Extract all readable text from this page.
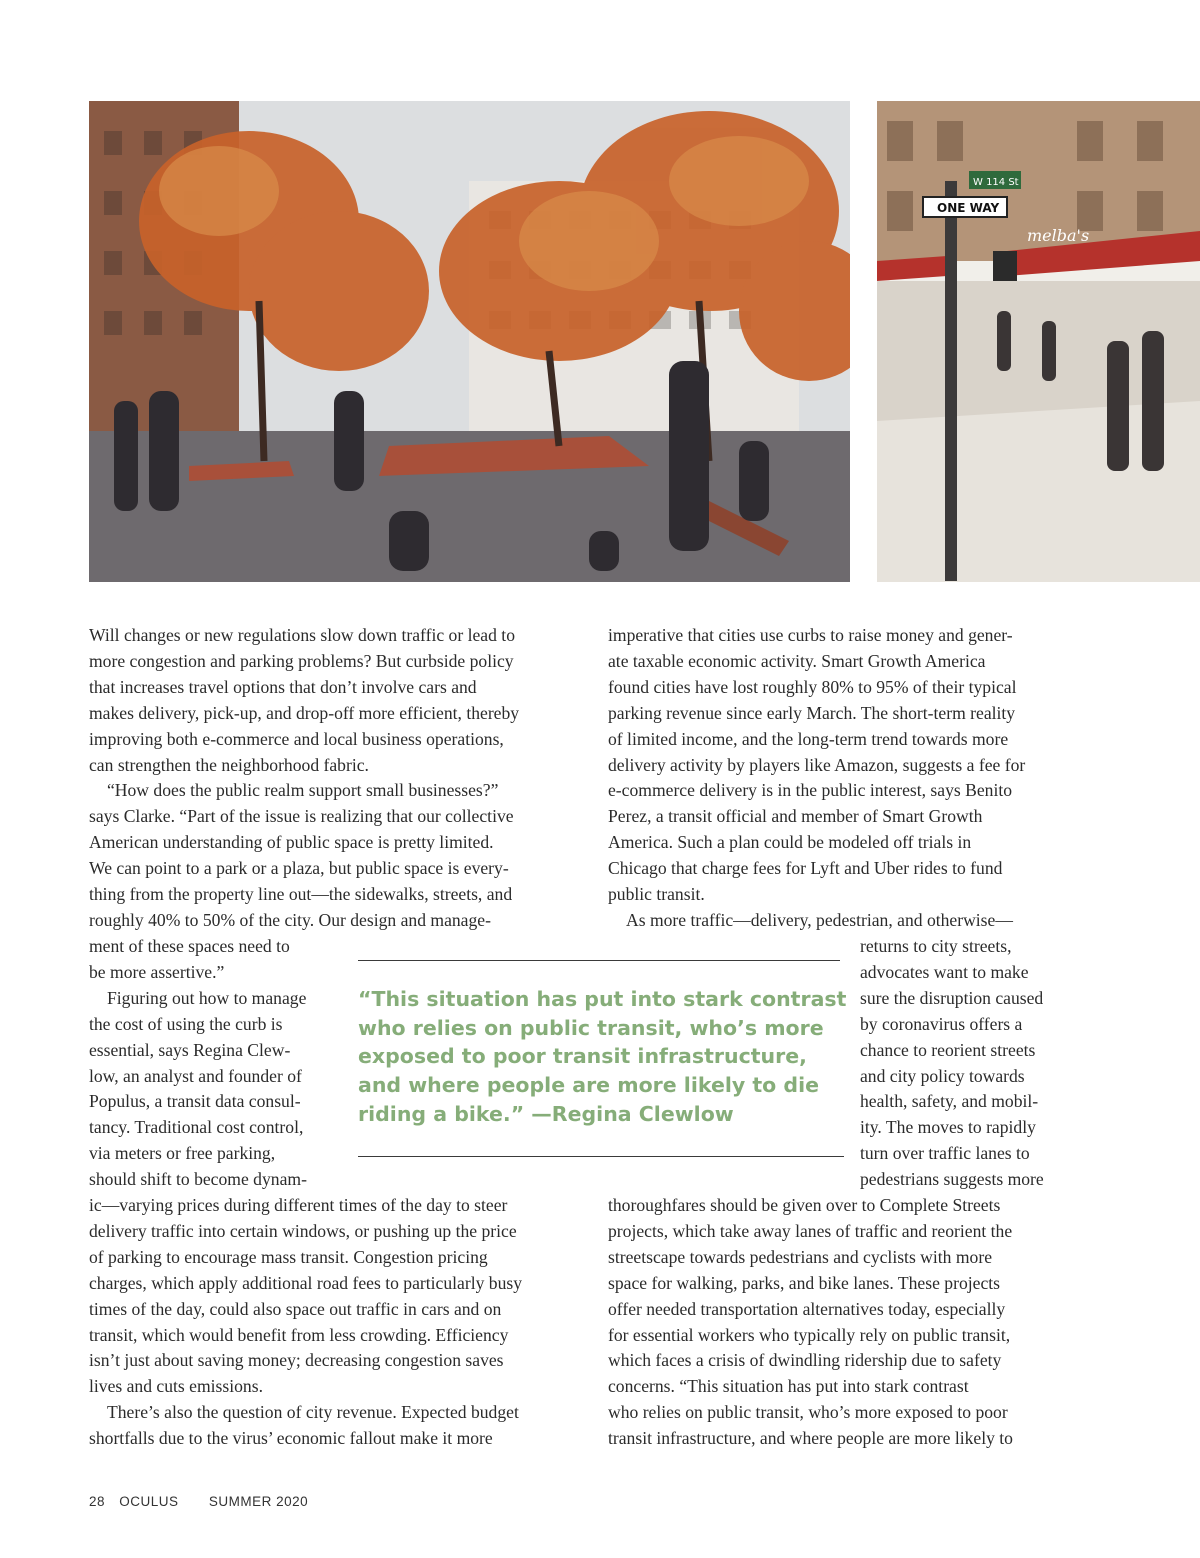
melba's
ONE WAY
W 114 St

Will changes or new regulations slow down traffic or lead to
more congestion and parking problems? But curbside policy
that increases travel options that don’t involve cars and
makes delivery, pick-up, and drop-off more efficient, thereby
improving both e-commerce and local business operations,
can strengthen the neighborhood fabric.

“How does the public realm support small businesses?”
says Clarke. “Part of the issue is realizing that our collective
American understanding of public space is pretty limited.
We can point to a park or a plaza, but public space is every-
thing from the property line out—the sidewalks, streets, and
roughly 40% to 50% of the city. Our design and manage-

ment of these spaces need to
be more assertive.”
Figuring out how to manage
the cost of using the curb is
essential, says Regina Clew-
low, an analyst and founder of
Populus, a transit data consul-
tancy. Traditional cost control,
via meters or free parking,
should shift to become dynam-
ic—varying prices during different times of the day to steer
delivery traffic into certain windows, or pushing up the price
of parking to encourage mass transit. Congestion pricing
charges, which apply additional road fees to particularly busy
times of the day, could also space out traffic in cars and on
transit, which would benefit from less crowding. Efficiency
isn’t just about saving money; decreasing congestion saves
lives and cuts emissions.
There’s also the question of city revenue. Expected budget
shortfalls due to the virus’ economic fallout make it more
imperative that cities use curbs to raise money and gener-
ate taxable economic activity. Smart Growth America
found cities have lost roughly 80% to 95% of their typical
parking revenue since early March. The short-term reality
of limited income, and the long-term trend towards more
delivery activity by players like Amazon, suggests a fee for
e-commerce delivery is in the public interest, says Benito
Perez, a transit official and member of Smart Growth
America. Such a plan could be modeled off trials in
Chicago that charge fees for Lyft and Uber rides to fund
public transit.
As more traffic—delivery, pedestrian, and otherwise—
returns to city streets,
advocates want to make
sure the disruption caused
by coronavirus offers a
chance to reorient streets
and city policy towards
health, safety, and mobil-
ity. The moves to rapidly
turn over traffic lanes to
pedestrians suggests more
thoroughfares should be given over to Complete Streets
projects, which take away lanes of traffic and reorient the
streetscape towards pedestrians and cyclists with more
space for walking, parks, and bike lanes. These projects
offer needed transportation alternatives today, especially
for essential workers who typically rely on public transit,
which faces a crisis of dwindling ridership due to safety
concerns. “This situation has put into stark contrast
who relies on public transit, who’s more exposed to poor
transit infrastructure, and where people are more likely to
“This situation has put into stark contrast
who relies on public transit, who’s more
exposed to poor transit infrastructure,
and where people are more likely to die
riding a bike.” —Regina Clewlow
28 OCULUS SUMMER 2020
